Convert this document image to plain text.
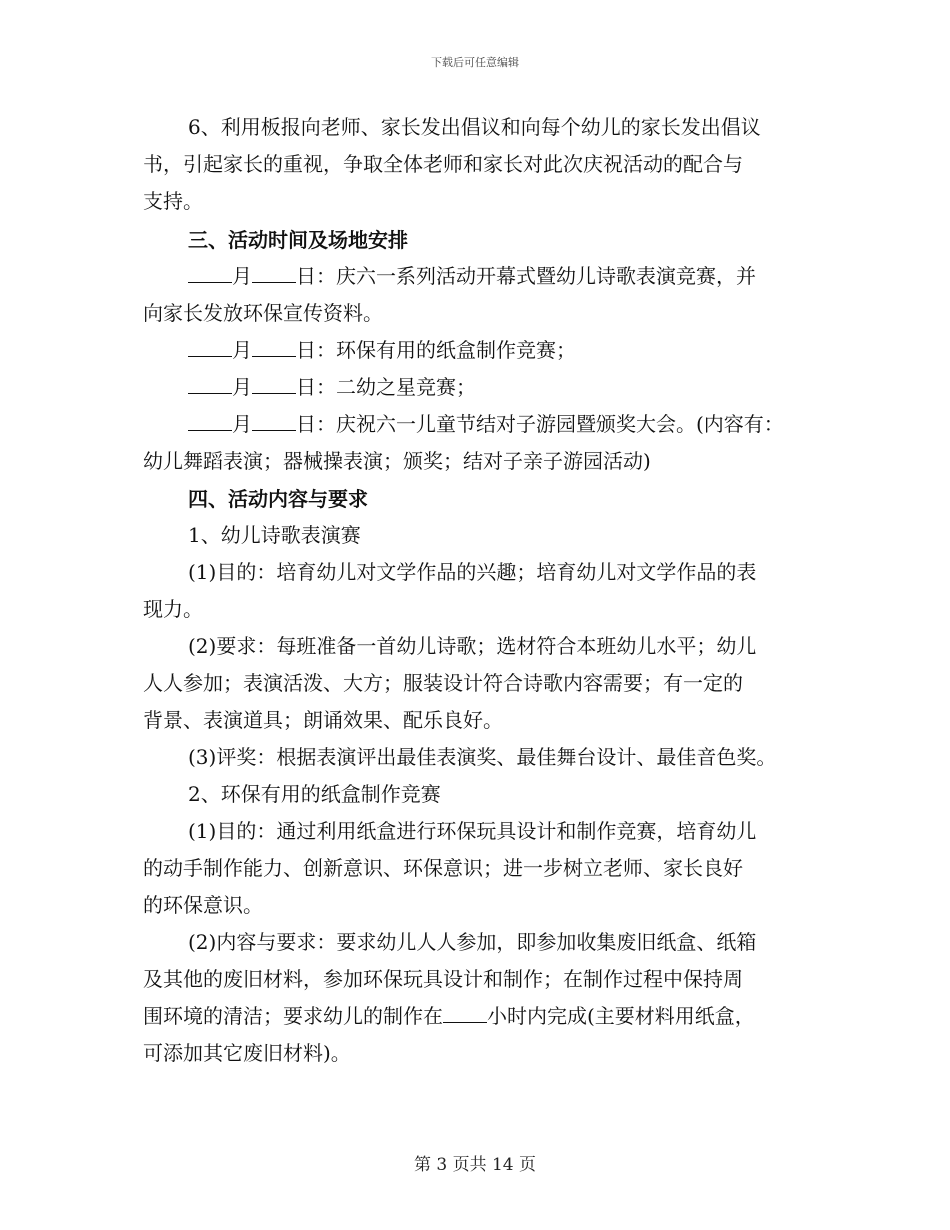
下载后可任意编辑
6、利用板报向老师、家长发出倡议和向每个幼儿的家长发出倡议
书，引起家长的重视，争取全体老师和家长对此次庆祝活动的配合与
支持。
三、活动时间及场地安排
月 日：庆六一系列活动开幕式暨幼儿诗歌表演竞赛，并
向家长发放环保宣传资料。
月 日：环保有用的纸盒制作竞赛；
月 日：二幼之星竞赛；
月 日：庆祝六一儿童节结对子游园暨颁奖大会。(内容有：
幼儿舞蹈表演；器械操表演；颁奖；结对子亲子游园活动)
四、活动内容与要求
1、幼儿诗歌表演赛
(1)目的：培育幼儿对文学作品的兴趣；培育幼儿对文学作品的表
现力。
(2)要求：每班准备一首幼儿诗歌；选材符合本班幼儿水平；幼儿
人人参加；表演活泼、大方；服装设计符合诗歌内容需要；有一定的
背景、表演道具；朗诵效果、配乐良好。
(3)评奖：根据表演评出最佳表演奖、最佳舞台设计、最佳音色奖。
2、环保有用的纸盒制作竞赛
(1)目的：通过利用纸盒进行环保玩具设计和制作竞赛，培育幼儿
的动手制作能力、创新意识、环保意识；进一步树立老师、家长良好
的环保意识。
(2)内容与要求：要求幼儿人人参加，即参加收集废旧纸盒、纸箱
及其他的废旧材料，参加环保玩具设计和制作；在制作过程中保持周
围环境的清洁；要求幼儿的制作在 小时内完成(主要材料用纸盒，
可添加其它废旧材料)。
第 3 页共 14 页
